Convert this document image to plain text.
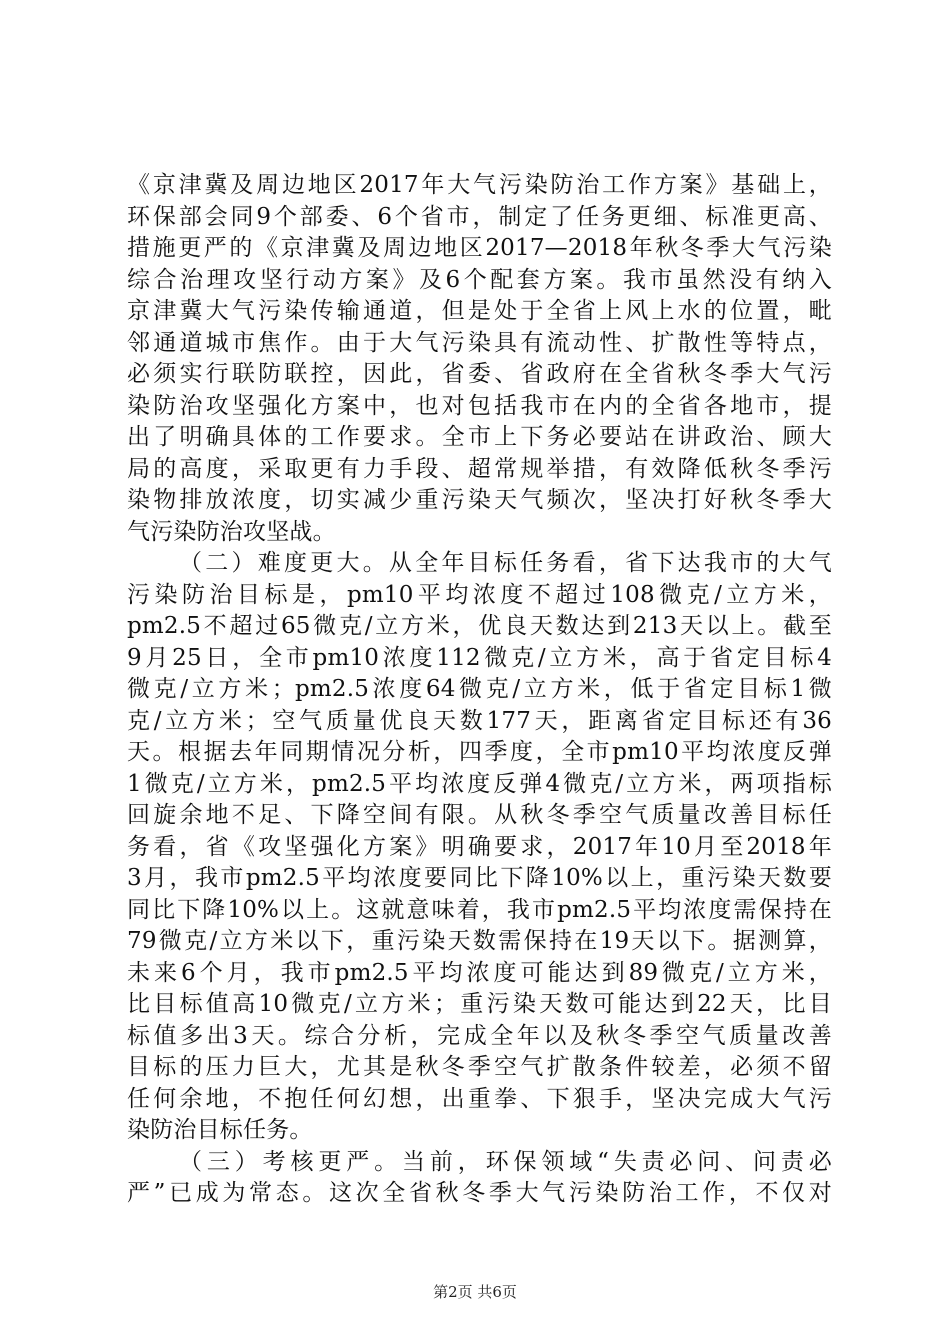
《京津冀及周边地区2017年大气污染防治工作方案》基础上，
环保部会同9个部委、6个省市，制定了任务更细、标准更高、
措施更严的《京津冀及周边地区2017—2018年秋冬季大气污染
综合治理攻坚行动方案》及6个配套方案。我市虽然没有纳入
京津冀大气污染传输通道，但是处于全省上风上水的位置，毗
邻通道城市焦作。由于大气污染具有流动性、扩散性等特点，
必须实行联防联控，因此，省委、省政府在全省秋冬季大气污
染防治攻坚强化方案中，也对包括我市在内的全省各地市，提
出了明确具体的工作要求。全市上下务必要站在讲政治、顾大
局的高度，采取更有力手段、超常规举措，有效降低秋冬季污
染物排放浓度，切实减少重污染天气频次，坚决打好秋冬季大
气污染防治攻坚战。
（二）难度更大。从全年目标任务看，省下达我市的大气
污染防治目标是，pm10平均浓度不超过108微克/立方米，
pm2.5不超过65微克/立方米，优良天数达到213天以上。截至
9月25日，全市pm10浓度112微克/立方米，高于省定目标4
微克/立方米；pm2.5浓度64微克/立方米，低于省定目标1微
克/立方米；空气质量优良天数177天，距离省定目标还有36
天。根据去年同期情况分析，四季度，全市pm10平均浓度反弹
1微克/立方米，pm2.5平均浓度反弹4微克/立方米，两项指标
回旋余地不足、下降空间有限。从秋冬季空气质量改善目标任
务看，省《攻坚强化方案》明确要求，2017年10月至2018年
3月，我市pm2.5平均浓度要同比下降10%以上，重污染天数要
同比下降10%以上。这就意味着，我市pm2.5平均浓度需保持在
79微克/立方米以下，重污染天数需保持在19天以下。据测算，
未来6个月，我市pm2.5平均浓度可能达到89微克/立方米，
比目标值高10微克/立方米；重污染天数可能达到22天，比目
标值多出3天。综合分析，完成全年以及秋冬季空气质量改善
目标的压力巨大，尤其是秋冬季空气扩散条件较差，必须不留
任何余地，不抱任何幻想，出重拳、下狠手，坚决完成大气污
染防治目标任务。
（三）考核更严。当前，环保领域“失责必问、问责必
严”已成为常态。这次全省秋冬季大气污染防治工作，不仅对
第2页 共6页
